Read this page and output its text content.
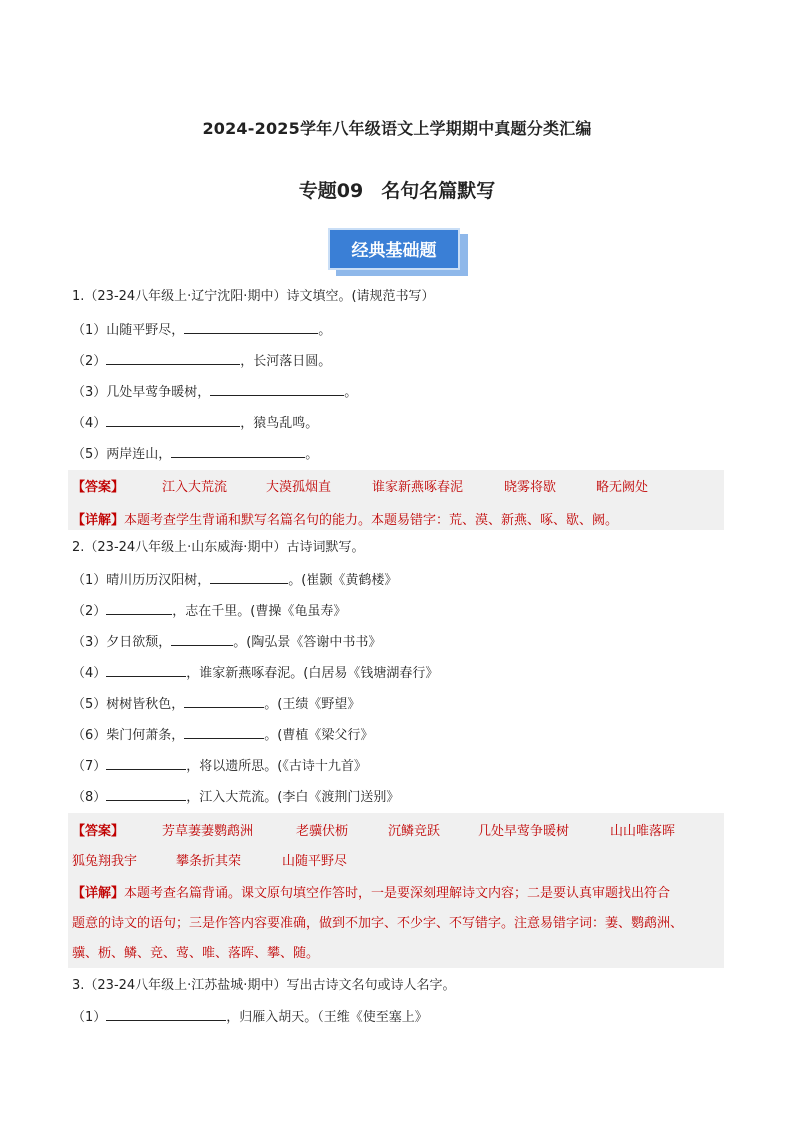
2024-2025学年八年级语文上学期期中真题分类汇编
专题09 名句名篇默写
经典基础题
1.（23-24八年级上·辽宁沈阳·期中）诗文填空。(请规范书写）
（1）山随平野尽，	。
（2）	，长河落日圆。
（3）几处早莺争暖树，	。
（4）	，猿鸟乱鸣。
（5）两岸连山，	。
【答案】	江入大荒流	大漠孤烟直	谁家新燕啄春泥	晓雾将歇	略无阙处
【详解】本题考查学生背诵和默写名篇名句的能力。本题易错字：荒、漠、新燕、啄、歇、阙。
2.（23-24八年级上·山东威海·期中）古诗词默写。
（1）晴川历历汉阳树，	。(崔颢《黄鹤楼》
（2）	，志在千里。(曹操《龟虽寿》
（3）夕日欲颓，	。(陶弘景《答谢中书书》
（4）	，谁家新燕啄春泥。(白居易《钱塘湖春行》
（5）树树皆秋色，	。(王绩《野望》
（6）柴门何萧条，	。(曹植《梁父行》
（7）	，将以遗所思。(《古诗十九首》
（8）	，江入大荒流。(李白《渡荆门送别》
【答案】	芳草萋萋鹦鹉洲	老骥伏枥	沉鳞竞跃	几处早莺争暖树	山山唯落晖
狐兔翔我宇	攀条折其荣	山随平野尽
【详解】本题考查名篇背诵。课文原句填空作答时，一是要深刻理解诗文内容；二是要认真审题找出符合
题意的诗文的语句；三是作答内容要准确，做到不加字、不少字、不写错字。注意易错字词：萋、鹦鹉洲、
骥、枥、鳞、竞、莺、唯、落晖、攀、随。
3.（23-24八年级上·江苏盐城·期中）写出古诗文名句或诗人名字。
（1）	，归雁入胡天。（王维《使至塞上》
